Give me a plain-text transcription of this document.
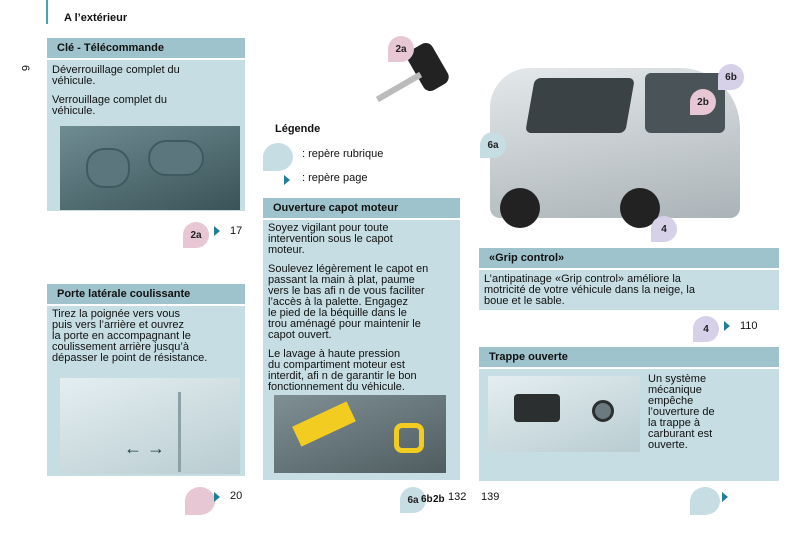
6
A l’extérieur
Clé - Télécommande
Déverrouillage complet du
véhicule.
Verrouillage complet du
véhicule.
2a	17
2a
Légende
: repère rubrique
: repère page
6b
2b
6a
4
Porte latérale coulissante
Tirez la poignée vers vous
puis vers l’arrière et ouvrez
la porte en accompagnant le
coulissement arrière jusqu’à
dépasser le point de résistance.
← →
20
Ouverture capot moteur
Soyez vigilant pour toute
intervention sous le capot
moteur.
Soulevez légèrement le capot en
passant la main à plat, paume
vers le bas afi n de vous faciliter
l’accès à la palette. Engagez
le pied de la béquille dans le
trou aménagé pour maintenir le
capot ouvert.
Le lavage à haute pression
du compartiment moteur est
interdit, afi n de garantir le bon
fonctionnement du véhicule.
6a 6b 2b 132
«Grip control»
L’antipatinage «Grip control» améliore la
motricité de votre véhicule dans la neige, la
boue et le sable.
4	110
Trappe ouverte
Un système
mécanique
empêche
l’ouverture de
la trappe à
carburant est
ouverte.
139
